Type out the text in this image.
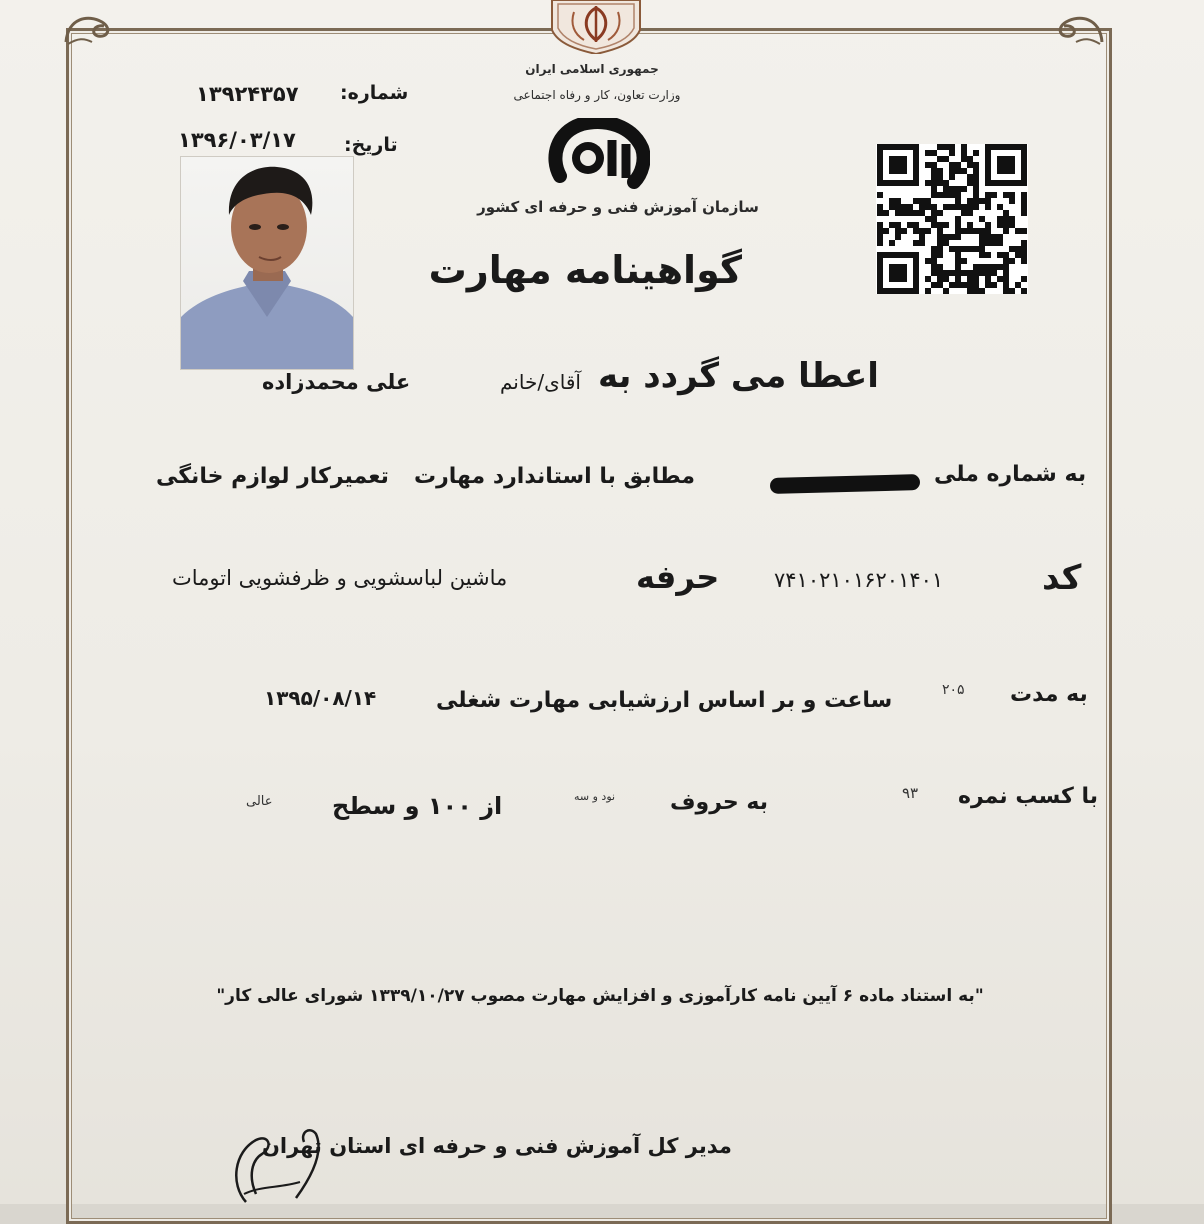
جمهوری اسلامی ایران
وزارت تعاون، کار و رفاه اجتماعی
شماره:
۱۳۹۲۴۳۵۷
تاریخ:
۱۳۹۶/۰۳/۱۷
سازمان آموزش فنی و حرفه ای کشور
گواهینامه مهارت
اعطا می گردد به
آقای/خانم
علی محمدزاده
به شماره ملی
مطابق با استاندارد مهارت
تعمیرکار لوازم خانگی
کد
۷۴۱۰۲۱۰۱۶۲۰۱۴۰۱
حرفه
ماشین لباسشویی و ظرفشویی اتومات
به مدت
۲۰۵
ساعت و بر اساس ارزشیابی مهارت شغلی
۱۳۹۵/۰۸/۱۴
با کسب نمره
۹۳
به حروف
نود و سه
از ۱۰۰ و سطح
عالی
"به استناد ماده ۶ آیین نامه کارآموزی و افزایش مهارت مصوب ۱۳۳۹/۱۰/۲۷ شورای عالی کار"
مدیر کل آموزش فنی و حرفه ای استان تهران
